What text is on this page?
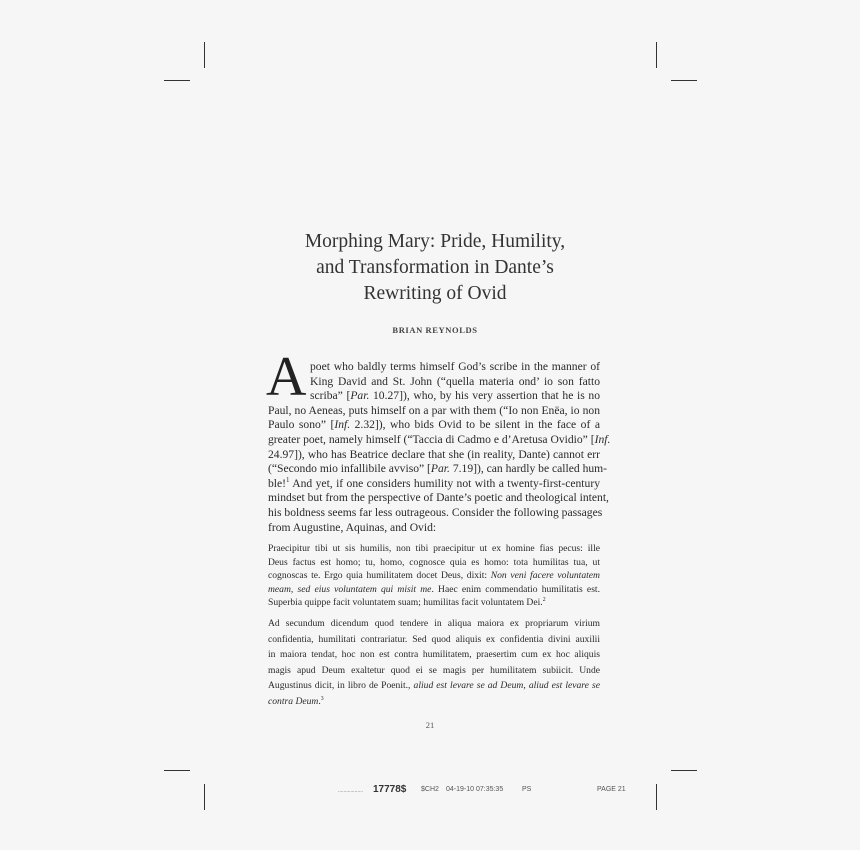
Morphing Mary: Pride, Humility,
and Transformation in Dante’s
Rewriting of Ovid
BRIAN REYNOLDS
A poet who baldly terms himself God’s scribe in the manner of
King David and St. John (“quella materia ond’ io son fatto
scriba” [Par. 10.27]), who, by his very assertion that he is no
Paul, no Aeneas, puts himself on a par with them (“Io non Enëa, io non
Paulo sono” [Inf. 2.32]), who bids Ovid to be silent in the face of a
greater poet, namely himself (“Taccia di Cadmo e d’Aretusa Ovidio” [Inf.
24.97]), who has Beatrice declare that she (in reality, Dante) cannot err
(“Secondo mio infallibile avviso” [Par. 7.19]), can hardly be called hum-
ble!$^1$ And yet, if one considers humility not with a twenty-first-century
mindset but from the perspective of Dante’s poetic and theological intent,
his boldness seems far less outrageous. Consider the following passages
from Augustine, Aquinas, and Ovid:
Praecipitur tibi ut sis humilis, non tibi praecipitur ut ex homine fias pecus: ille
Deus factus est homo; tu, homo, cognosce quia es homo: tota humilitas tua, ut
cognoscas te. Ergo quia humilitatem docet Deus, dixit: Non veni facere voluntatem
meam, sed eius voluntatem qui misit me. Haec enim commendatio humilitatis est.
Superbia quippe facit voluntatem suam; humilitas facit voluntatem Dei.$^2$
Ad secundum dicendum quod tendere in aliqua maiora ex propriarum virium
confidentia, humilitati contrariatur. Sed quod aliquis ex confidentia divini auxilii
in maiora tendat, hoc non est contra humilitatem, praesertim cum ex hoc aliquis
magis apud Deum exaltetur quod ei se magis per humilitatem subiicit. Unde
Augustinus dicit, in libro de Poenit., aliud est levare se ad Deum, aliud est levare se
contra Deum.$^3$
21
.................. 17778$ $CH2 04-19-10 07:35:35	PS	PAGE 21
